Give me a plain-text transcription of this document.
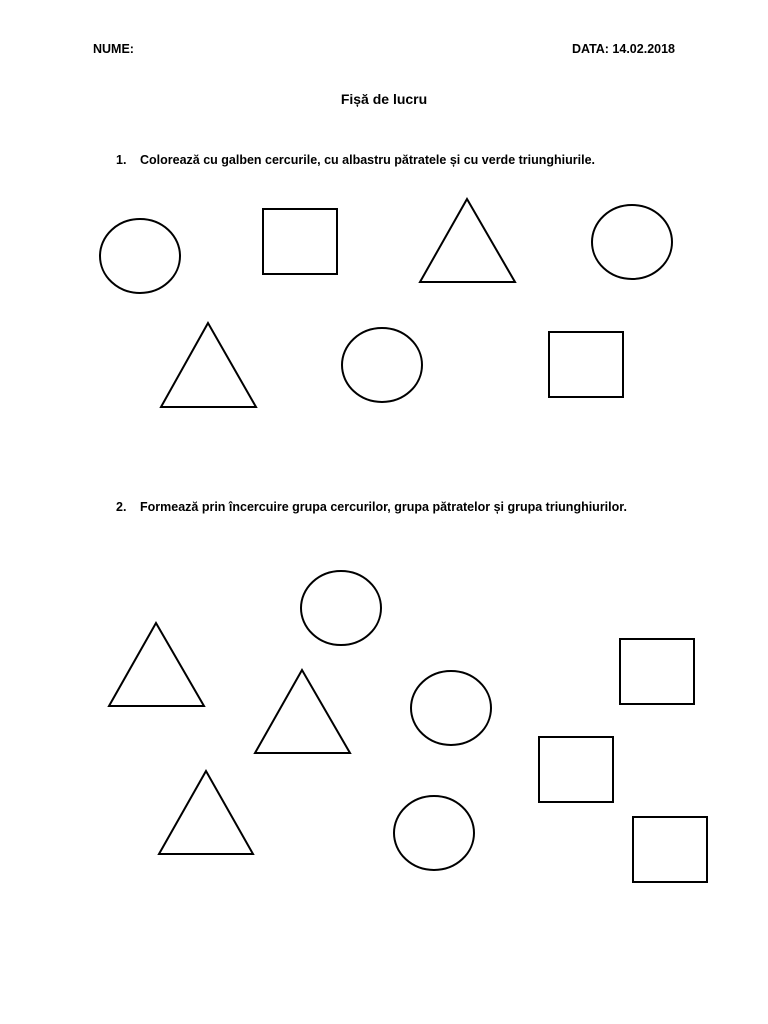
NUME:	DATA: 14.02.2018
Fișă de lucru
1.	Colorează cu galben cercurile, cu albastru pătratele și cu verde triunghiurile.
2.	Formează prin încercuire grupa cercurilor, grupa pătratelor și grupa triunghiurilor.
